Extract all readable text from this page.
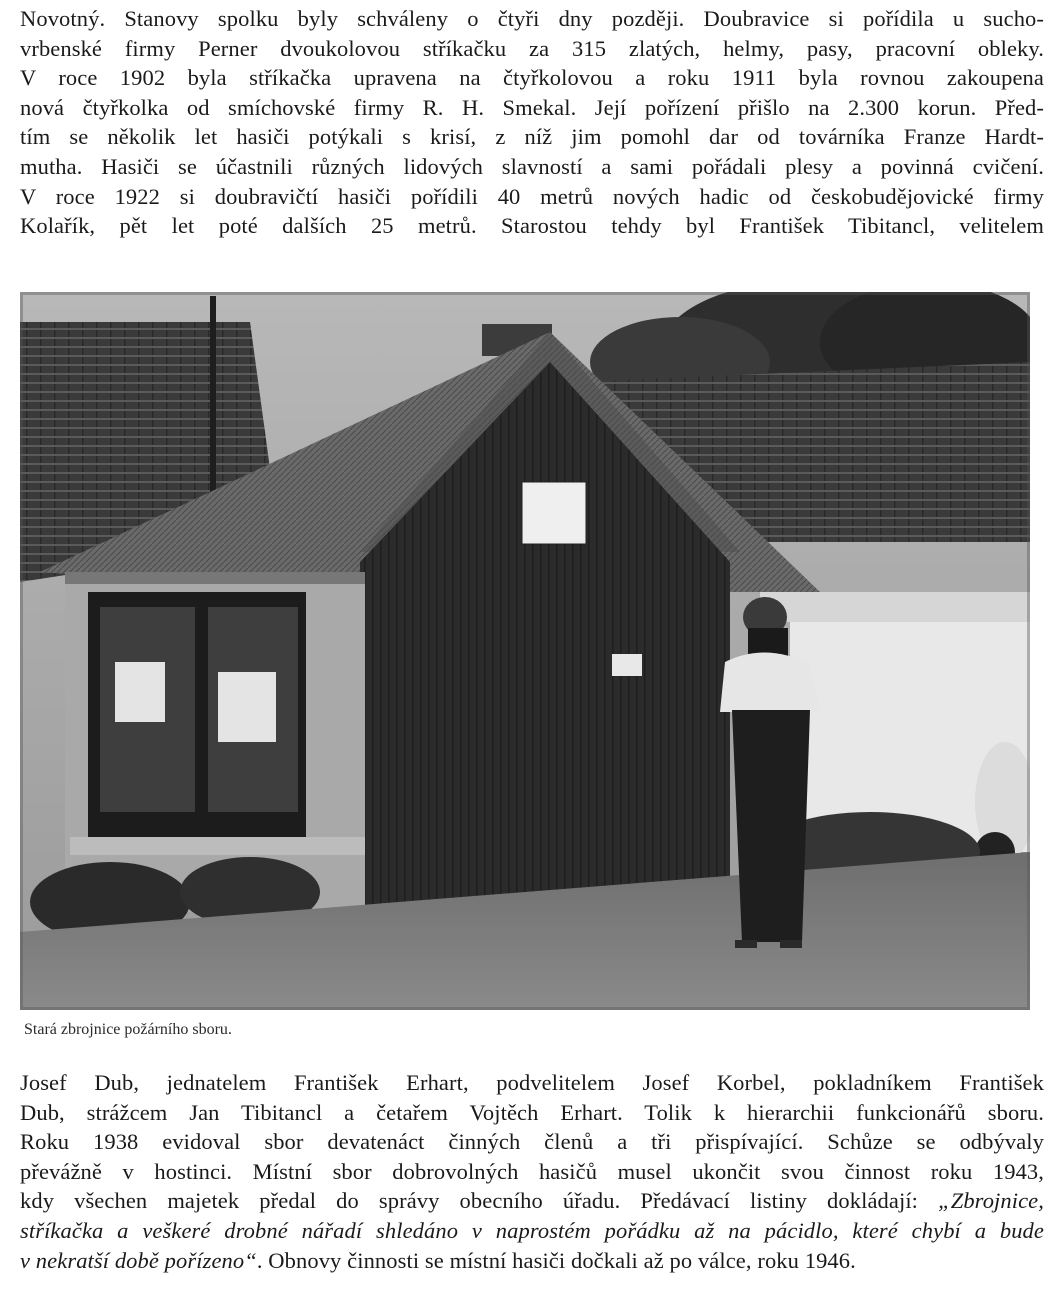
Novotný. Stanovy spolku byly schváleny o čtyři dny později. Doubravice si pořídila u sucho-
vrbenské firmy Perner dvoukolovou stříkačku za 315 zlatých, helmy, pasy, pracovní obleky.
V roce 1902 byla stříkačka upravena na čtyřkolovou a roku 1911 byla rovnou zakoupena
nová čtyřkolka od smíchovské firmy R. H. Smekal. Její pořízení přišlo na 2.300 korun. Před-
tím se několik let hasiči potýkali s krisí, z níž jim pomohl dar od továrníka Franze Hardt-
mutha. Hasiči se účastnili různých lidových slavností a sami pořádali plesy a povinná cvičení.
V roce 1922 si doubravičtí hasiči pořídili 40 metrů nových hadic od českobudějovické firmy
Kolařík, pět let poté dalších 25 metrů. Starostou tehdy byl František Tibitancl, velitelem
Stará zbrojnice požárního sboru.
Josef Dub, jednatelem František Erhart, podvelitelem Josef Korbel, pokladníkem František
Dub, strážcem Jan Tibitancl a četařem Vojtěch Erhart. Tolik k hierarchii funkcionářů sboru.
Roku 1938 evidoval sbor devatenáct činných členů a tři přispívající. Schůze se odbývaly
převážně v hostinci. Místní sbor dobrovolných hasičů musel ukončit svou činnost roku 1943,
kdy všechen majetek předal do správy obecního úřadu. Předávací listiny dokládají: „Zbrojnice,
stříkačka a veškeré drobné nářadí shledáno v naprostém pořádku až na pácidlo, které chybí a bude
v nekratší době pořízeno“. Obnovy činnosti se místní hasiči dočkali až po válce, roku 1946.
